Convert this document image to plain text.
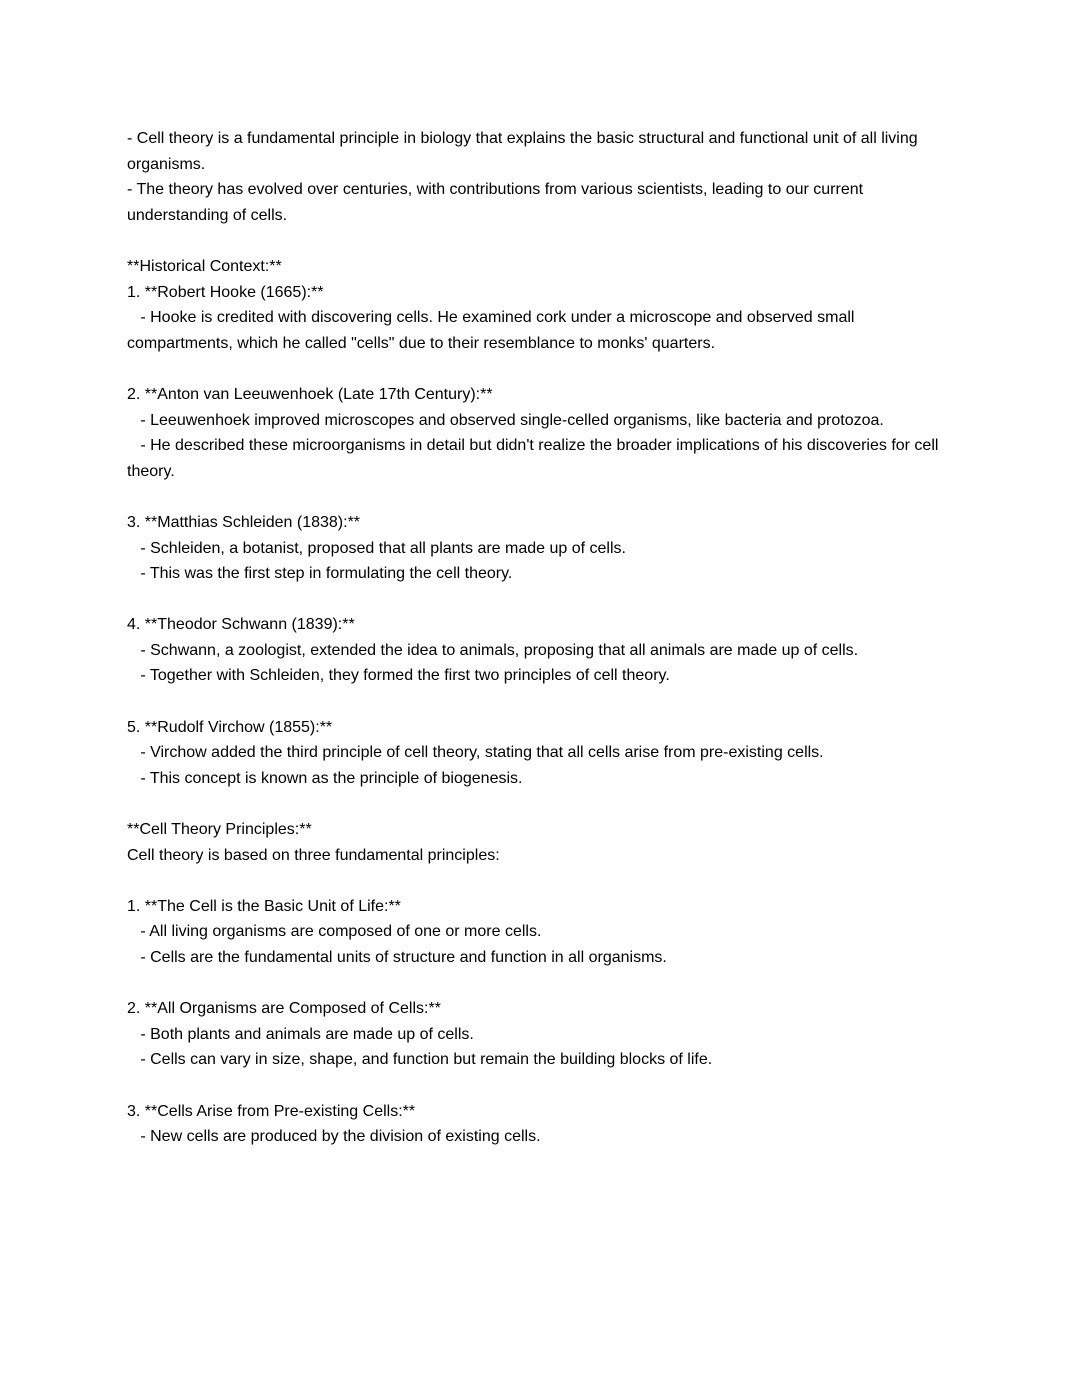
- Cell theory is a fundamental principle in biology that explains the basic structural and functional unit of all living organisms.

- The theory has evolved over centuries, with contributions from various scientists, leading to our current understanding of cells.

**Historical Context:**

1. **Robert Hooke (1665):**

- Hooke is credited with discovering cells. He examined cork under a microscope and observed small compartments, which he called "cells" due to their resemblance to monks' quarters.

2. **Anton van Leeuwenhoek (Late 17th Century):**

- Leeuwenhoek improved microscopes and observed single-celled organisms, like bacteria and protozoa.

- He described these microorganisms in detail but didn't realize the broader implications of his discoveries for cell theory.

3. **Matthias Schleiden (1838):**

- Schleiden, a botanist, proposed that all plants are made up of cells.

- This was the first step in formulating the cell theory.

4. **Theodor Schwann (1839):**

- Schwann, a zoologist, extended the idea to animals, proposing that all animals are made up of cells.

- Together with Schleiden, they formed the first two principles of cell theory.

5. **Rudolf Virchow (1855):**

- Virchow added the third principle of cell theory, stating that all cells arise from pre-existing cells.

- This concept is known as the principle of biogenesis.

**Cell Theory Principles:**

Cell theory is based on three fundamental principles:

1. **The Cell is the Basic Unit of Life:**

- All living organisms are composed of one or more cells.

- Cells are the fundamental units of structure and function in all organisms.

2. **All Organisms are Composed of Cells:**

- Both plants and animals are made up of cells.

- Cells can vary in size, shape, and function but remain the building blocks of life.

3. **Cells Arise from Pre-existing Cells:**

- New cells are produced by the division of existing cells.
